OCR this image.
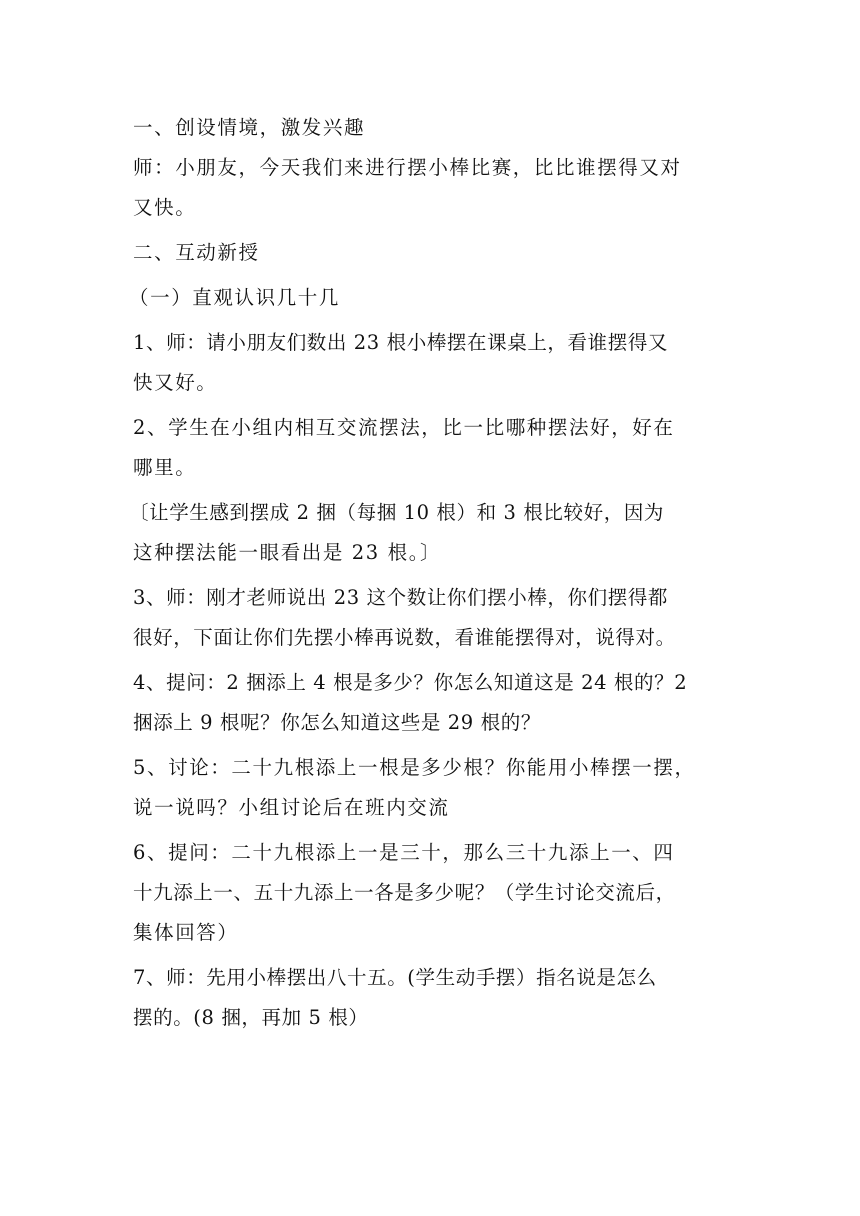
一、创设情境，激发兴趣
师：小朋友，今天我们来进行摆小棒比赛，比比谁摆得又对
又快。
二、互动新授
（一）直观认识几十几
1、师：请小朋友们数出 23 根小棒摆在课桌上，看谁摆得又
快又好。
2、学生在小组内相互交流摆法，比一比哪种摆法好，好在
哪里。
〔让学生感到摆成 2 捆（每捆 10 根）和 3 根比较好，因为
这种摆法能一眼看出是 23 根。〕
3、师：刚才老师说出 23 这个数让你们摆小棒，你们摆得都
很好，下面让你们先摆小棒再说数，看谁能摆得对，说得对。
4、提问：2 捆添上 4 根是多少？你怎么知道这是 24 根的？2
捆添上 9 根呢？你怎么知道这些是 29 根的？
5、讨论：二十九根添上一根是多少根？你能用小棒摆一摆，
说一说吗？小组讨论后在班内交流
6、提问：二十九根添上一是三十，那么三十九添上一、四
十九添上一、五十九添上一各是多少呢？（学生讨论交流后，
集体回答）
7、师：先用小棒摆出八十五。(学生动手摆）指名说是怎么
摆的。(8 捆，再加 5 根）
